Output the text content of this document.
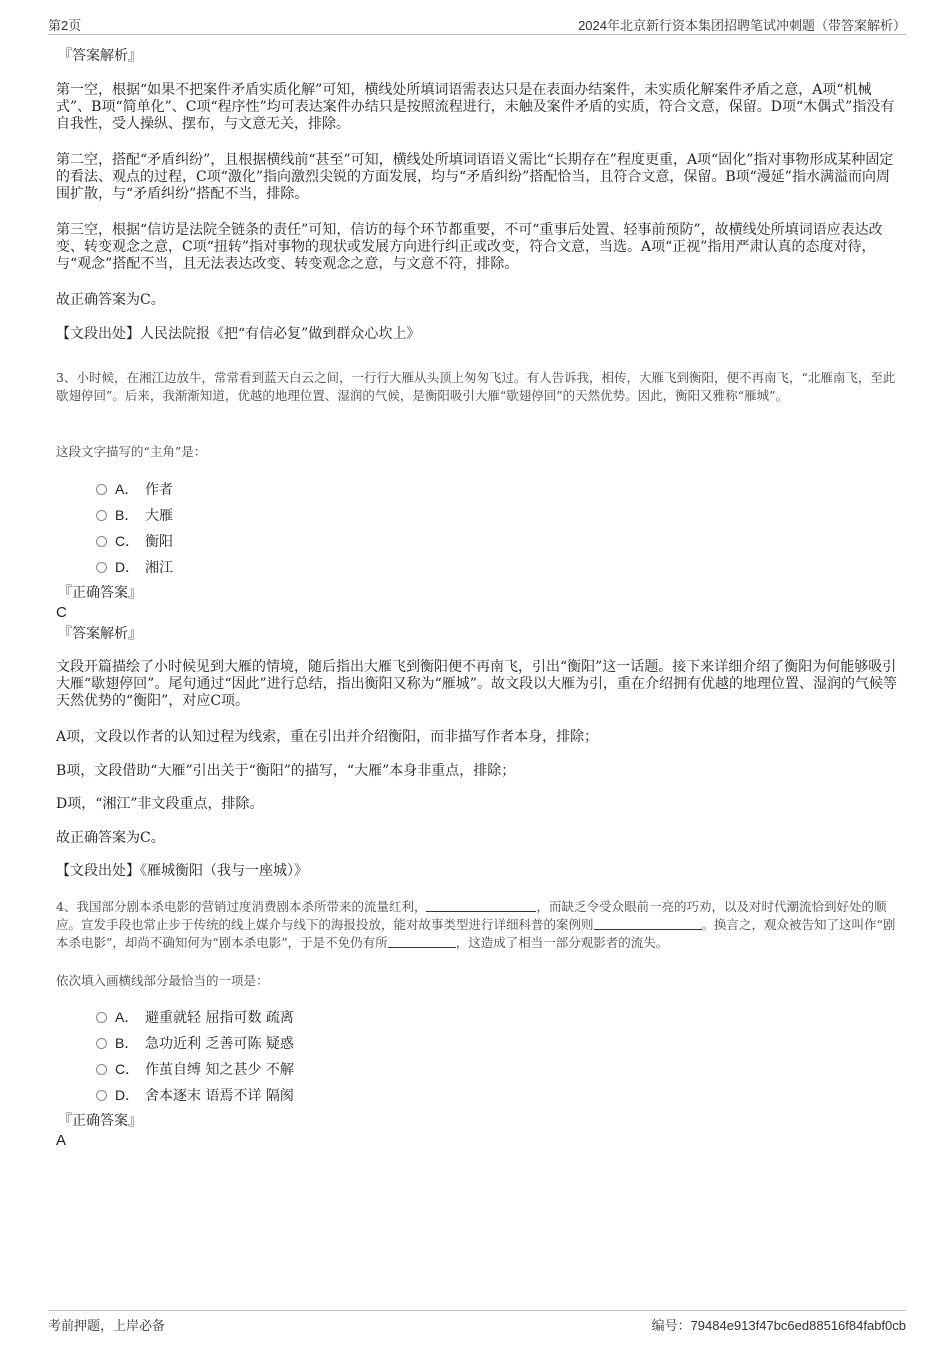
第2页	2024年北京新行资本集团招聘笔试冲刺题（带答案解析）
『答案解析』
第一空，根据“如果不把案件矛盾实质化解”可知，横线处所填词语需表达只是在表面办结案件，未实质化解案件矛盾之意，A项“机械式”、B项“简单化”、C项“程序性”均可表达案件办结只是按照流程进行，未触及案件矛盾的实质，符合文意，保留。D项“木偶式”指没有自我性，受人操纵、摆布，与文意无关，排除。
第二空，搭配“矛盾纠纷”，且根据横线前“甚至”可知，横线处所填词语语义需比“长期存在”程度更重，A项“固化”指对事物形成某种固定的看法、观点的过程，C项“激化”指向激烈尖锐的方面发展，均与“矛盾纠纷”搭配恰当，且符合文意，保留。B项“漫延”指水满溢而向周围扩散，与“矛盾纠纷”搭配不当，排除。
第三空，根据“信访是法院全链条的责任”可知，信访的每个环节都重要，不可“重事后处置、轻事前预防”，故横线处所填词语应表达改变、转变观念之意，C项“扭转”指对事物的现状或发展方向进行纠正或改变，符合文意，当选。A项“正视”指用严肃认真的态度对待，与“观念”搭配不当，且无法表达改变、转变观念之意，与文意不符，排除。
故正确答案为C。
【文段出处】人民法院报《把“有信必复”做到群众心坎上》
3、小时候，在湘江边放牛，常常看到蓝天白云之间，一行行大雁从头顶上匆匆飞过。有人告诉我，相传，大雁飞到衡阳，便不再南飞，“北雁南飞，至此歇翅停回”。后来，我渐渐知道，优越的地理位置、湿润的气候，是衡阳吸引大雁“歇翅停回”的天然优势。因此，衡阳又雅称“雁城”。
这段文字描写的“主角”是：
A． 作者
B． 大雁
C． 衡阳
D． 湘江
『正确答案』
C
『答案解析』
文段开篇描绘了小时候见到大雁的情境，随后指出大雁飞到衡阳便不再南飞，引出“衡阳”这一话题。接下来详细介绍了衡阳为何能够吸引大雁“歇翅停回”。尾句通过“因此”进行总结，指出衡阳又称为“雁城”。故文段以大雁为引，重在介绍拥有优越的地理位置、湿润的气候等天然优势的“衡阳”，对应C项。
A项，文段以作者的认知过程为线索，重在引出并介绍衡阳，而非描写作者本身，排除；
B项，文段借助“大雁”引出关于“衡阳”的描写，“大雁”本身非重点，排除；
D项，“湘江”非文段重点，排除。
故正确答案为C。
【文段出处】《雁城衡阳（我与一座城）》
4、我国部分剧本杀电影的营销过度消费剧本杀所带来的流量红利，	，而缺乏令受众眼前一亮的巧劝，以及对时代潮流恰到好处的顺应。宣发手段也常止步于传统的线上媒介与线下的海报投放，能对故事类型进行详细科普的案例则	。换言之，观众被告知了这叫作“剧本杀电影”，却尚不确知何为“剧本杀电影”，于是不免仍有所	，这造成了相当一部分观影者的流失。
依次填入画横线部分最恰当的一项是：
A． 避重就轻 屈指可数 疏离
B． 急功近利 乏善可陈 疑惑
C． 作茧自缚 知之甚少 不解
D． 舍本逐末 语焉不详 隔阂
『正确答案』
A
考前押题，上岸必备	编号：79484e913f47bc6ed88516f84fabf0cb
